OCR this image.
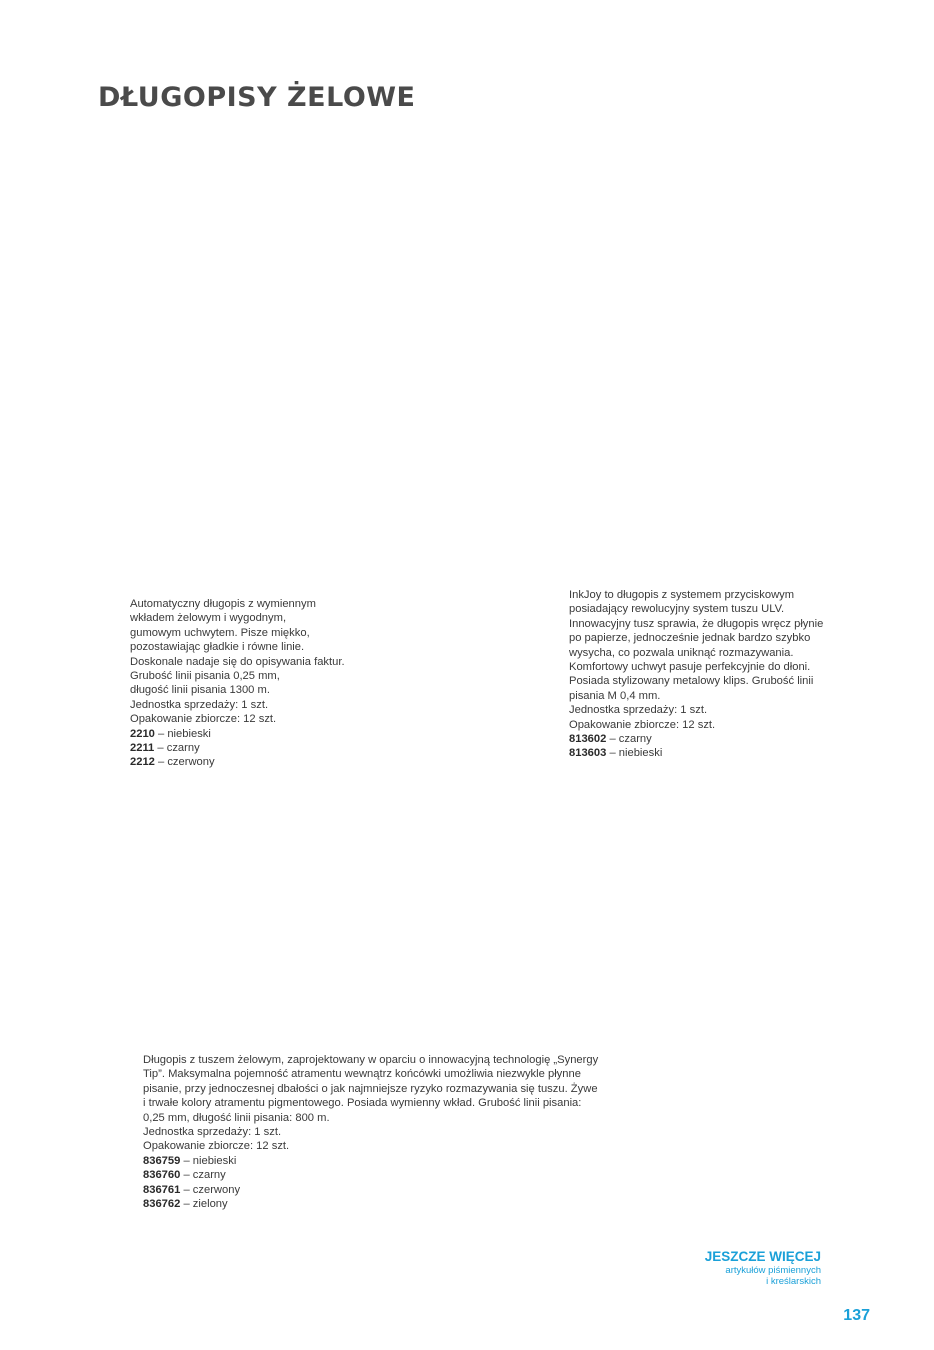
DŁUGOPISY ŻELOWE
Automatyczny długopis z wymiennym
wkładem żelowym i wygodnym,
gumowym uchwytem. Pisze miękko,
pozostawiając gładkie i równe linie.
Doskonale nadaje się do opisywania faktur.
Grubość linii pisania 0,25 mm,
długość linii pisania 1300 m.
Jednostka sprzedaży: 1 szt.
Opakowanie zbiorcze: 12 szt.
2210 – niebieski
2211 – czarny
2212 – czerwony
InkJoy to długopis z systemem przyciskowym
posiadający rewolucyjny system tuszu ULV.
Innowacyjny tusz sprawia, że długopis wręcz płynie
po papierze, jednocześnie jednak bardzo szybko
wysycha, co pozwala uniknąć rozmazywania.
Komfortowy uchwyt pasuje perfekcyjnie do dłoni.
Posiada stylizowany metalowy klips. Grubość linii
pisania M 0,4 mm.
Jednostka sprzedaży: 1 szt.
Opakowanie zbiorcze: 12 szt.
813602 – czarny
813603 – niebieski
Długopis z tuszem żelowym, zaprojektowany w oparciu o innowacyjną technologię „Synergy
Tip”. Maksymalna pojemność atramentu wewnątrz końcówki umożliwia niezwykle płynne
pisanie, przy jednoczesnej dbałości o jak najmniejsze ryzyko rozmazywania się tuszu. Żywe
i trwałe kolory atramentu pigmentowego. Posiada wymienny wkład. Grubość linii pisania:
0,25 mm, długość linii pisania: 800 m.
Jednostka sprzedaży: 1 szt.
Opakowanie zbiorcze: 12 szt.
836759 – niebieski
836760 – czarny
836761 – czerwony
836762 – zielony
JESZCZE WIĘCEJ
artykułów piśmiennych
i kreślarskich
137
